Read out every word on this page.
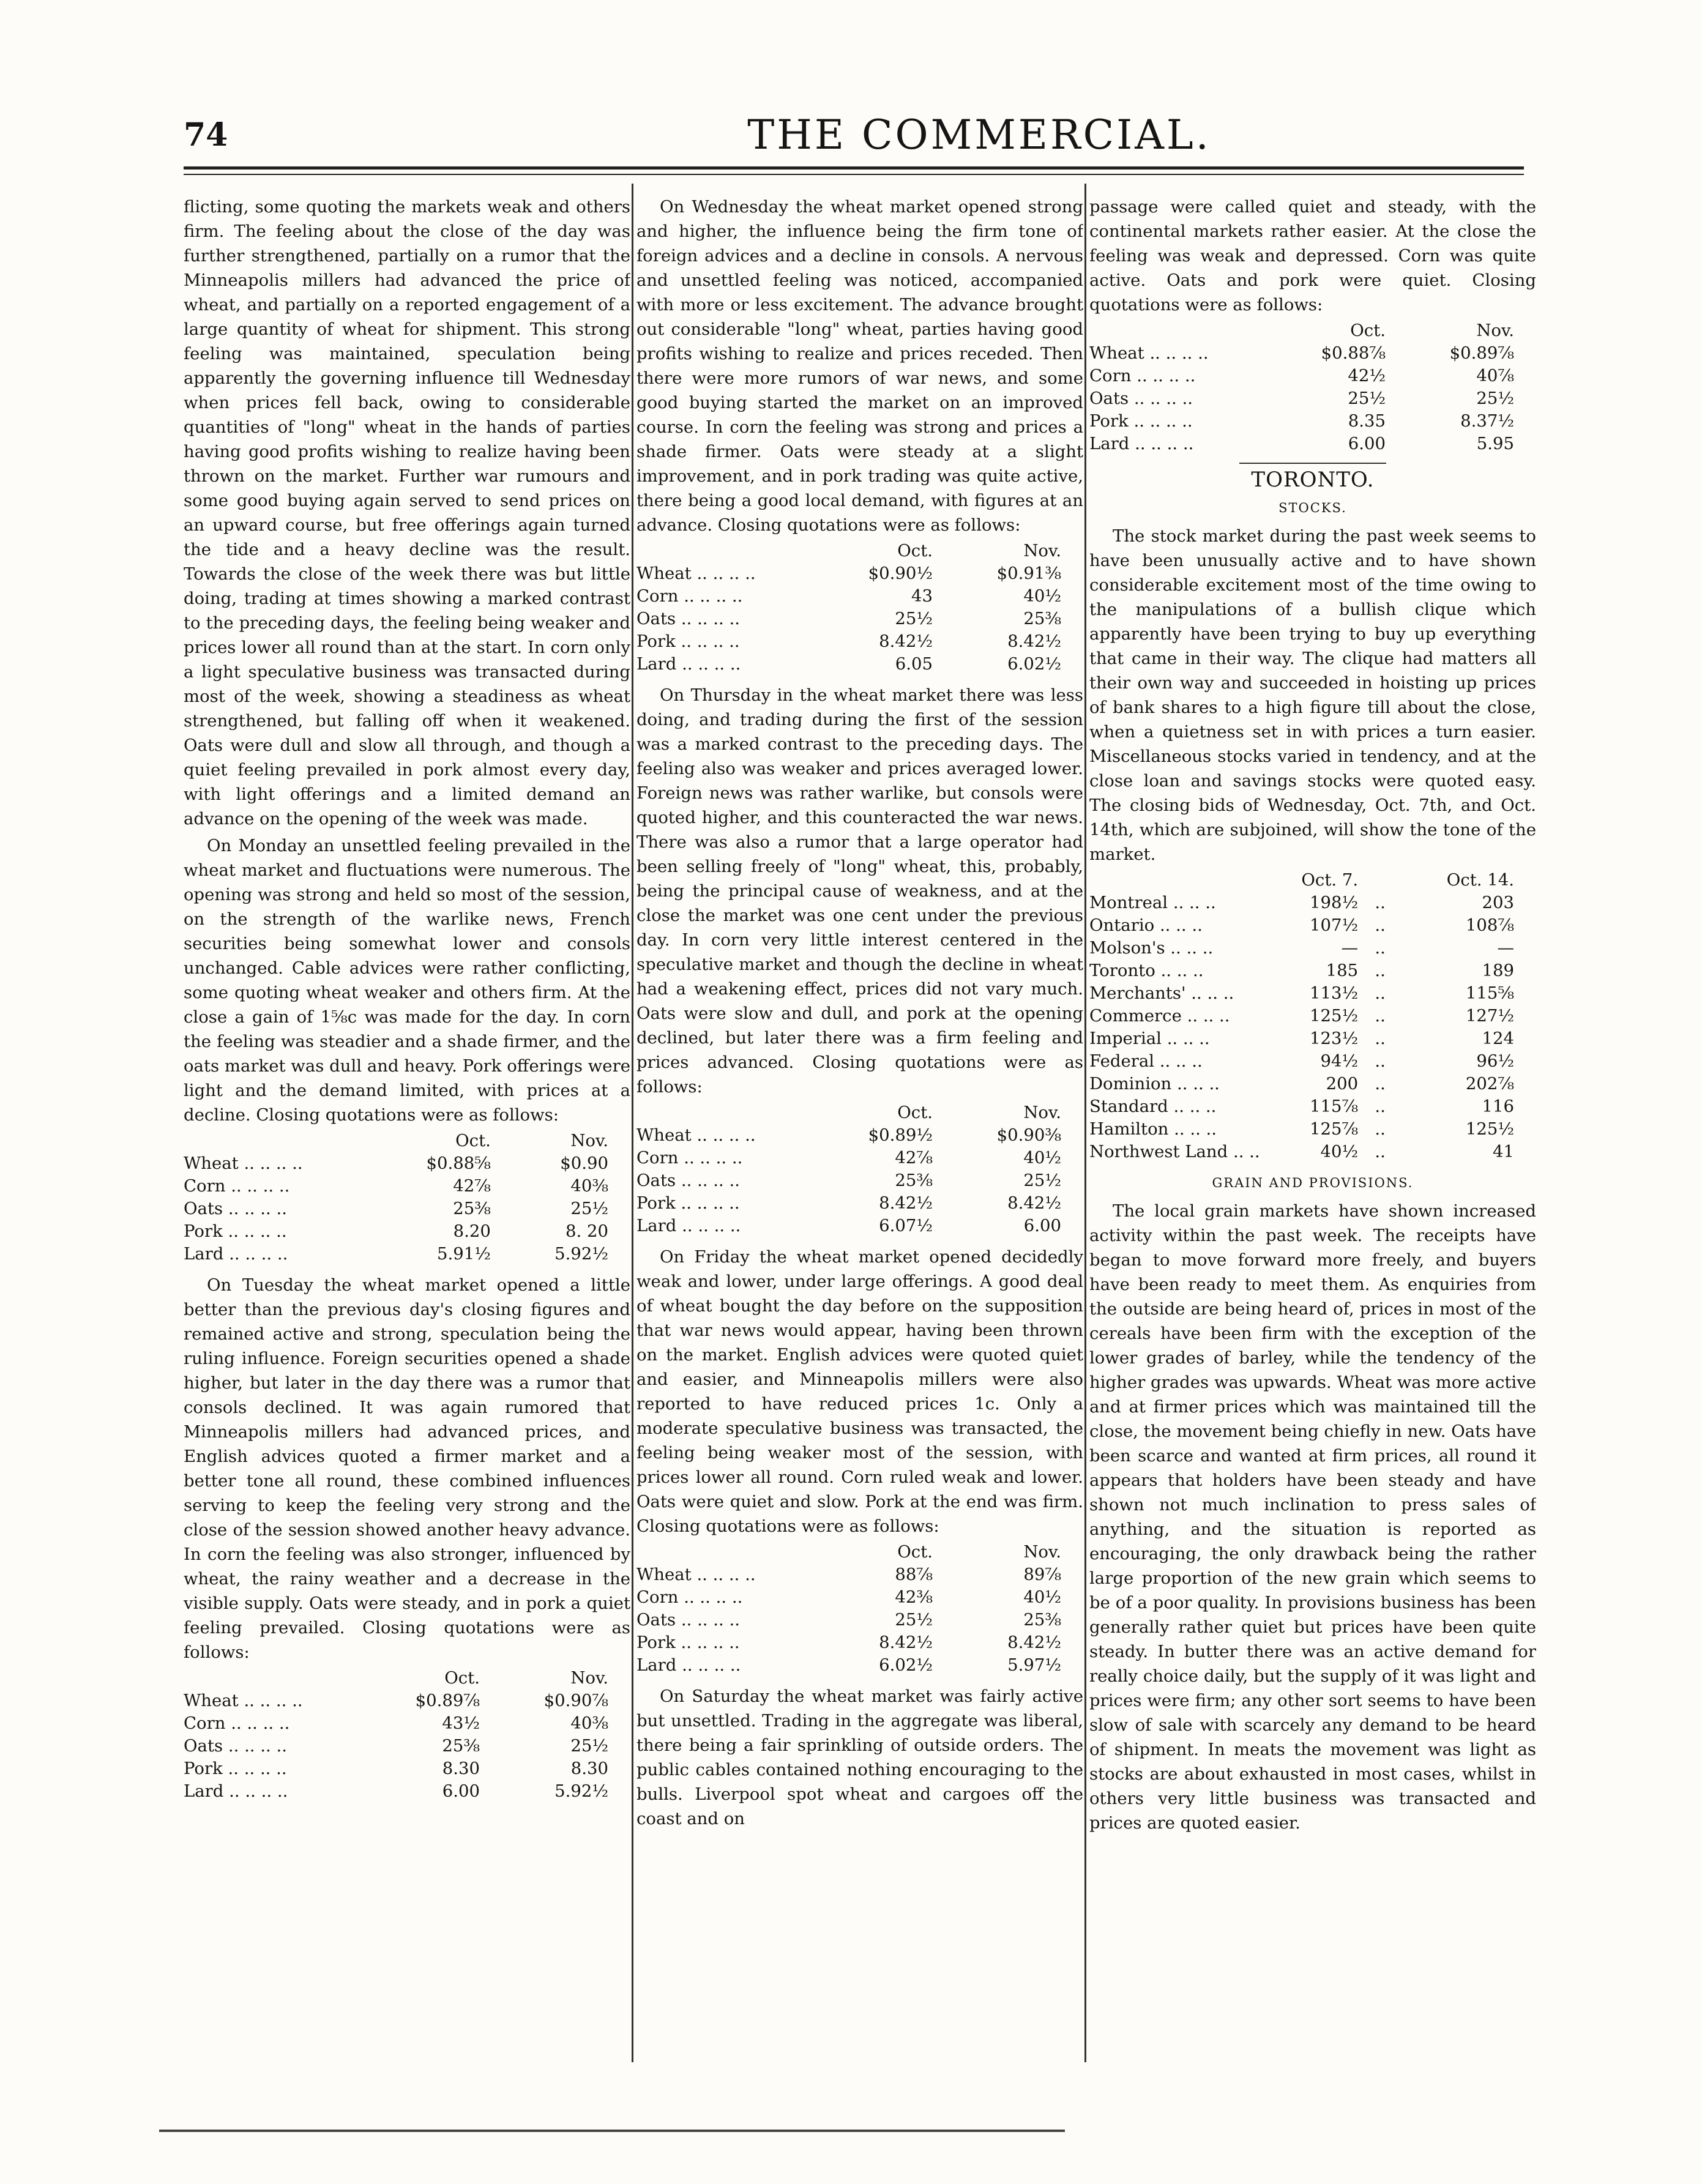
74	THE COMMERCIAL.

flicting, some quoting the markets weak and others firm. The feeling about the close of the day was further strengthened, partially on a rumor that the Minneapolis millers had advanced the price of wheat, and partially on a reported engagement of a large quantity of wheat for shipment. This strong feeling was maintained, speculation being apparently the governing influence till Wednesday when prices fell back, owing to considerable quantities of "long" wheat in the hands of parties having good profits wishing to realize having been thrown on the market. Further war rumours and some good buying again served to send prices on an upward course, but free offerings again turned the tide and a heavy decline was the result. Towards the close of the week there was but little doing, trading at times showing a marked contrast to the preceding days, the feeling being weaker and prices lower all round than at the start. In corn only a light speculative business was transacted during most of the week, showing a steadiness as wheat strengthened, but falling off when it weakened. Oats were dull and slow all through, and though a quiet feeling prevailed in pork almost every day, with light offerings and a limited demand an advance on the opening of the week was made.

On Monday an unsettled feeling prevailed in the wheat market and fluctuations were numerous. The opening was strong and held so most of the session, on the strength of the warlike news, French securities being somewhat lower and consols unchanged. Cable advices were rather conflicting, some quoting wheat weaker and others firm. At the close a gain of 1⅝c was made for the day. In corn the feeling was steadier and a shade firmer, and the oats market was dull and heavy. Pork offerings were light and the demand limited, with prices at a decline. Closing quotations were as follows:

	Oct.	Nov.
Wheat .. .. .. ..	$0.88⅝	$0.90
Corn .. .. .. ..	42⅞	40⅜
Oats .. .. .. ..	25⅜	25½
Pork .. .. .. ..	8.20	8. 20
Lard .. .. .. ..	5.91½	5.92½

On Tuesday the wheat market opened a little better than the previous day's closing figures and remained active and strong, speculation being the ruling influence. Foreign securities opened a shade higher, but later in the day there was a rumor that consols declined. It was again rumored that Minneapolis millers had advanced prices, and English advices quoted a firmer market and a better tone all round, these combined influences serving to keep the feeling very strong and the close of the session showed another heavy advance. In corn the feeling was also stronger, influenced by wheat, the rainy weather and a decrease in the visible supply. Oats were steady, and in pork a quiet feeling prevailed. Closing quotations were as follows:

	Oct.	Nov.
Wheat .. .. .. ..	$0.89⅞	$0.90⅞
Corn .. .. .. ..	43½	40⅜
Oats .. .. .. ..	25⅜	25½
Pork .. .. .. ..	8.30	8.30
Lard .. .. .. ..	6.00	5.92½

On Wednesday the wheat market opened strong and higher, the influence being the firm tone of foreign advices and a decline in consols. A nervous and unsettled feeling was noticed, accompanied with more or less excitement. The advance brought out considerable "long" wheat, parties having good profits wishing to realize and prices receded. Then there were more rumors of war news, and some good buying started the market on an improved course. In corn the feeling was strong and prices a shade firmer. Oats were steady at a slight improvement, and in pork trading was quite active, there being a good local demand, with figures at an advance. Closing quotations were as follows:

	Oct.	Nov.
Wheat .. .. .. ..	$0.90½	$0.91⅜
Corn .. .. .. ..	43	40½
Oats .. .. .. ..	25½	25⅜
Pork .. .. .. ..	8.42½	8.42½
Lard .. .. .. ..	6.05	6.02½

On Thursday in the wheat market there was less doing, and trading during the first of the session was a marked contrast to the preceding days. The feeling also was weaker and prices averaged lower. Foreign news was rather warlike, but consols were quoted higher, and this counteracted the war news. There was also a rumor that a large operator had been selling freely of "long" wheat, this, probably, being the principal cause of weakness, and at the close the market was one cent under the previous day. In corn very little interest centered in the speculative market and though the decline in wheat had a weakening effect, prices did not vary much. Oats were slow and dull, and pork at the opening declined, but later there was a firm feeling and prices advanced. Closing quotations were as follows:

	Oct.	Nov.
Wheat .. .. .. ..	$0.89½	$0.90⅜
Corn .. .. .. ..	42⅞	40½
Oats .. .. .. ..	25⅜	25½
Pork .. .. .. ..	8.42½	8.42½
Lard .. .. .. ..	6.07½	6.00

On Friday the wheat market opened decidedly weak and lower, under large offerings. A good deal of wheat bought the day before on the supposition that war news would appear, having been thrown on the market. English advices were quoted quiet and easier, and Minneapolis millers were also reported to have reduced prices 1c. Only a moderate speculative business was transacted, the feeling being weaker most of the session, with prices lower all round. Corn ruled weak and lower. Oats were quiet and slow. Pork at the end was firm. Closing quotations were as follows:

	Oct.	Nov.
Wheat .. .. .. ..	88⅞	89⅞
Corn .. .. .. ..	42⅜	40½
Oats .. .. .. ..	25½	25⅜
Pork .. .. .. ..	8.42½	8.42½
Lard .. .. .. ..	6.02½	5.97½

On Saturday the wheat market was fairly active but unsettled. Trading in the aggregate was liberal, there being a fair sprinkling of outside orders. The public cables contained nothing encouraging to the bulls. Liverpool spot wheat and cargoes off the coast and on

passage were called quiet and steady, with the continental markets rather easier. At the close the feeling was weak and depressed. Corn was quite active. Oats and pork were quiet. Closing quotations were as follows:

	Oct.	Nov.
Wheat .. .. .. ..	$0.88⅞	$0.89⅞
Corn .. .. .. ..	42½	40⅞
Oats .. .. .. ..	25½	25½
Pork .. .. .. ..	8.35	8.37½
Lard .. .. .. ..	6.00	5.95
TORONTO.
STOCKS.

The stock market during the past week seems to have been unusually active and to have shown considerable excitement most of the time owing to the manipulations of a bullish clique which apparently have been trying to buy up everything that came in their way. The clique had matters all their own way and succeeded in hoisting up prices of bank shares to a high figure till about the close, when a quietness set in with prices a turn easier. Miscellaneous stocks varied in tendency, and at the close loan and savings stocks were quoted easy. The closing bids of Wednesday, Oct. 7th, and Oct. 14th, which are subjoined, will show the tone of the market.

	Oct. 7.		Oct. 14.
Montreal .. .. ..	198½	..	203
Ontario .. .. ..	107½	..	108⅞
Molson's .. .. ..	—	..	—
Toronto .. .. ..	185	..	189
Merchants' .. .. ..	113½	..	115⅝
Commerce .. .. ..	125½	..	127½
Imperial .. .. ..	123½	..	124
Federal .. .. ..	94½	..	96½
Dominion .. .. ..	200	..	202⅞
Standard .. .. ..	115⅞	..	116
Hamilton .. .. ..	125⅞	..	125½
Northwest Land .. ..	40½	..	41
GRAIN AND PROVISIONS.

The local grain markets have shown increased activity within the past week. The receipts have began to move forward more freely, and buyers have been ready to meet them. As enquiries from the outside are being heard of, prices in most of the cereals have been firm with the exception of the lower grades of barley, while the tendency of the higher grades was upwards. Wheat was more active and at firmer prices which was maintained till the close, the movement being chiefly in new. Oats have been scarce and wanted at firm prices, all round it appears that holders have been steady and have shown not much inclination to press sales of anything, and the situation is reported as encouraging, the only drawback being the rather large proportion of the new grain which seems to be of a poor quality. In provisions business has been generally rather quiet but prices have been quite steady. In butter there was an active demand for really choice daily, but the supply of it was light and prices were firm; any other sort seems to have been slow of sale with scarcely any demand to be heard of shipment. In meats the movement was light as stocks are about exhausted in most cases, whilst in others very little business was transacted and prices are quoted easier.
